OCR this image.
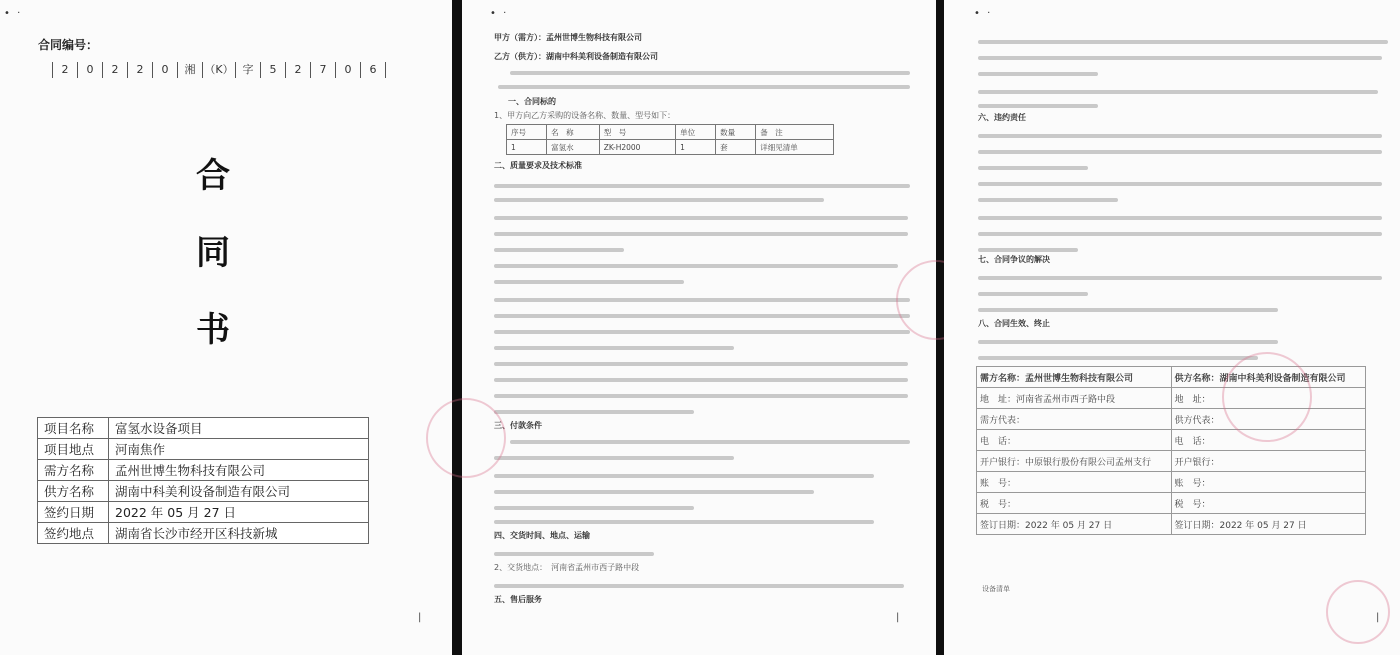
• ·
合同编号：
2	0	2	2	0	湘 （K） 字	5	2	7	0	6
合
同
书
项目名称	富氢水设备项目
项目地点	河南焦作
需方名称	孟州世博生物科技有限公司
供方名称	湖南中科美利设备制造有限公司
签约日期	2022 年 05 月 27 日
签约地点	湖南省长沙市经开区科技新城
|
• ·
甲方（需方）：孟州世博生物科技有限公司
乙方（供方）：湖南中科美利设备制造有限公司
一、合同标的
1、甲方向乙方采购的设备名称、数量、型号如下：
序号	名　称	型　号	单位	数量	备　注
1	富氢水	ZK-H2000	1	套	详细见清单
二、质量要求及技术标准
三、付款条件
四、交货时间、地点、运输
2、交货地点：　河南省孟州市西子路中段
五、售后服务
|
• ·
六、违约责任
七、合同争议的解决
八、合同生效、终止
需方名称：孟州世博生物科技有限公司	供方名称：湖南中科美利设备制造有限公司
地　址：河南省孟州市西子路中段	地　址：
需方代表：	供方代表：
电　话：	电　话：
开户银行：中原银行股份有限公司孟州支行	开户银行：
账　号：	账　号：
税　号：	税　号：
签订日期：2022 年 05 月 27 日	签订日期：2022 年 05 月 27 日
设备清单
|
